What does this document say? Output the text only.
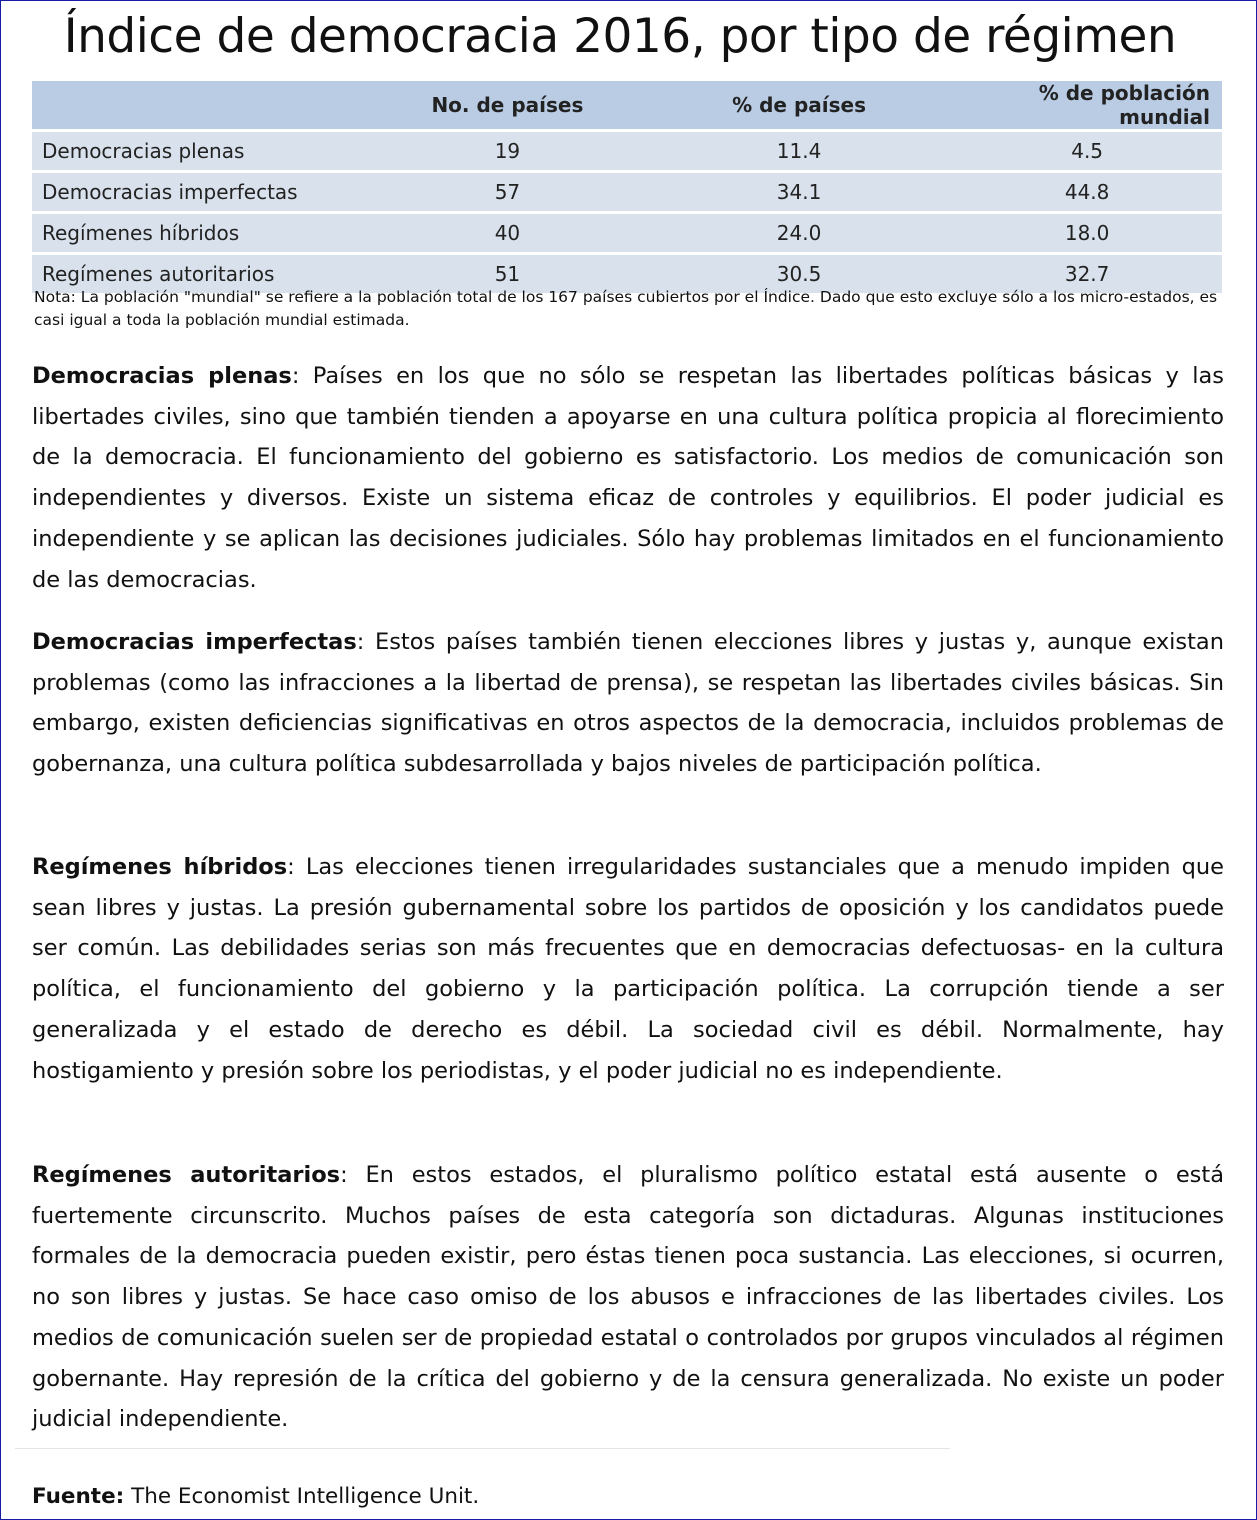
Índice de democracia 2016, por tipo de régimen
	No. de países	% de países	% de población mundial
Democracias plenas	19	11.4	4.5
Democracias imperfectas	57	34.1	44.8
Regímenes híbridos	40	24.0	18.0
Regímenes autoritarios	51	30.5	32.7
Nota: La población "mundial" se refiere a la población total de los 167 países cubiertos por el Índice. Dado que esto excluye sólo a los micro-estados, es casi igual a toda la población mundial estimada.

Democracias plenas: Países en los que no sólo se respetan las libertades políticas básicas y las libertades civiles, sino que también tienden a apoyarse en una cultura política propicia al florecimiento de la democracia. El funcionamiento del gobierno es satisfactorio. Los medios de comunicación son independientes y diversos. Existe un sistema eficaz de controles y equilibrios. El poder judicial es independiente y se aplican las decisiones judiciales. Sólo hay problemas limitados en el funcionamiento de las democracias.

Democracias imperfectas: Estos países también tienen elecciones libres y justas y, aunque existan problemas (como las infracciones a la libertad de prensa), se respetan las libertades civiles básicas. Sin embargo, existen deficiencias significativas en otros aspectos de la democracia, incluidos problemas de gobernanza, una cultura política subdesarrollada y bajos niveles de participación política.

Regímenes híbridos: Las elecciones tienen irregularidades sustanciales que a menudo impiden que sean libres y justas. La presión gubernamental sobre los partidos de oposición y los candidatos puede ser común. Las debilidades serias son más frecuentes que en democracias defectuosas- en la cultura política, el funcionamiento del gobierno y la participación política. La corrupción tiende a ser generalizada y el estado de derecho es débil. La sociedad civil es débil. Normalmente, hay hostigamiento y presión sobre los periodistas, y el poder judicial no es independiente.

Regímenes autoritarios: En estos estados, el pluralismo político estatal está ausente o está fuertemente circunscrito. Muchos países de esta categoría son dictaduras. Algunas instituciones formales de la democracia pueden existir, pero éstas tienen poca sustancia. Las elecciones, si ocurren, no son libres y justas. Se hace caso omiso de los abusos e infracciones de las libertades civiles. Los medios de comunicación suelen ser de propiedad estatal o controlados por grupos vinculados al régimen gobernante. Hay represión de la crítica del gobierno y de la censura generalizada. No existe un poder judicial independiente.

Fuente: The Economist Intelligence Unit.
